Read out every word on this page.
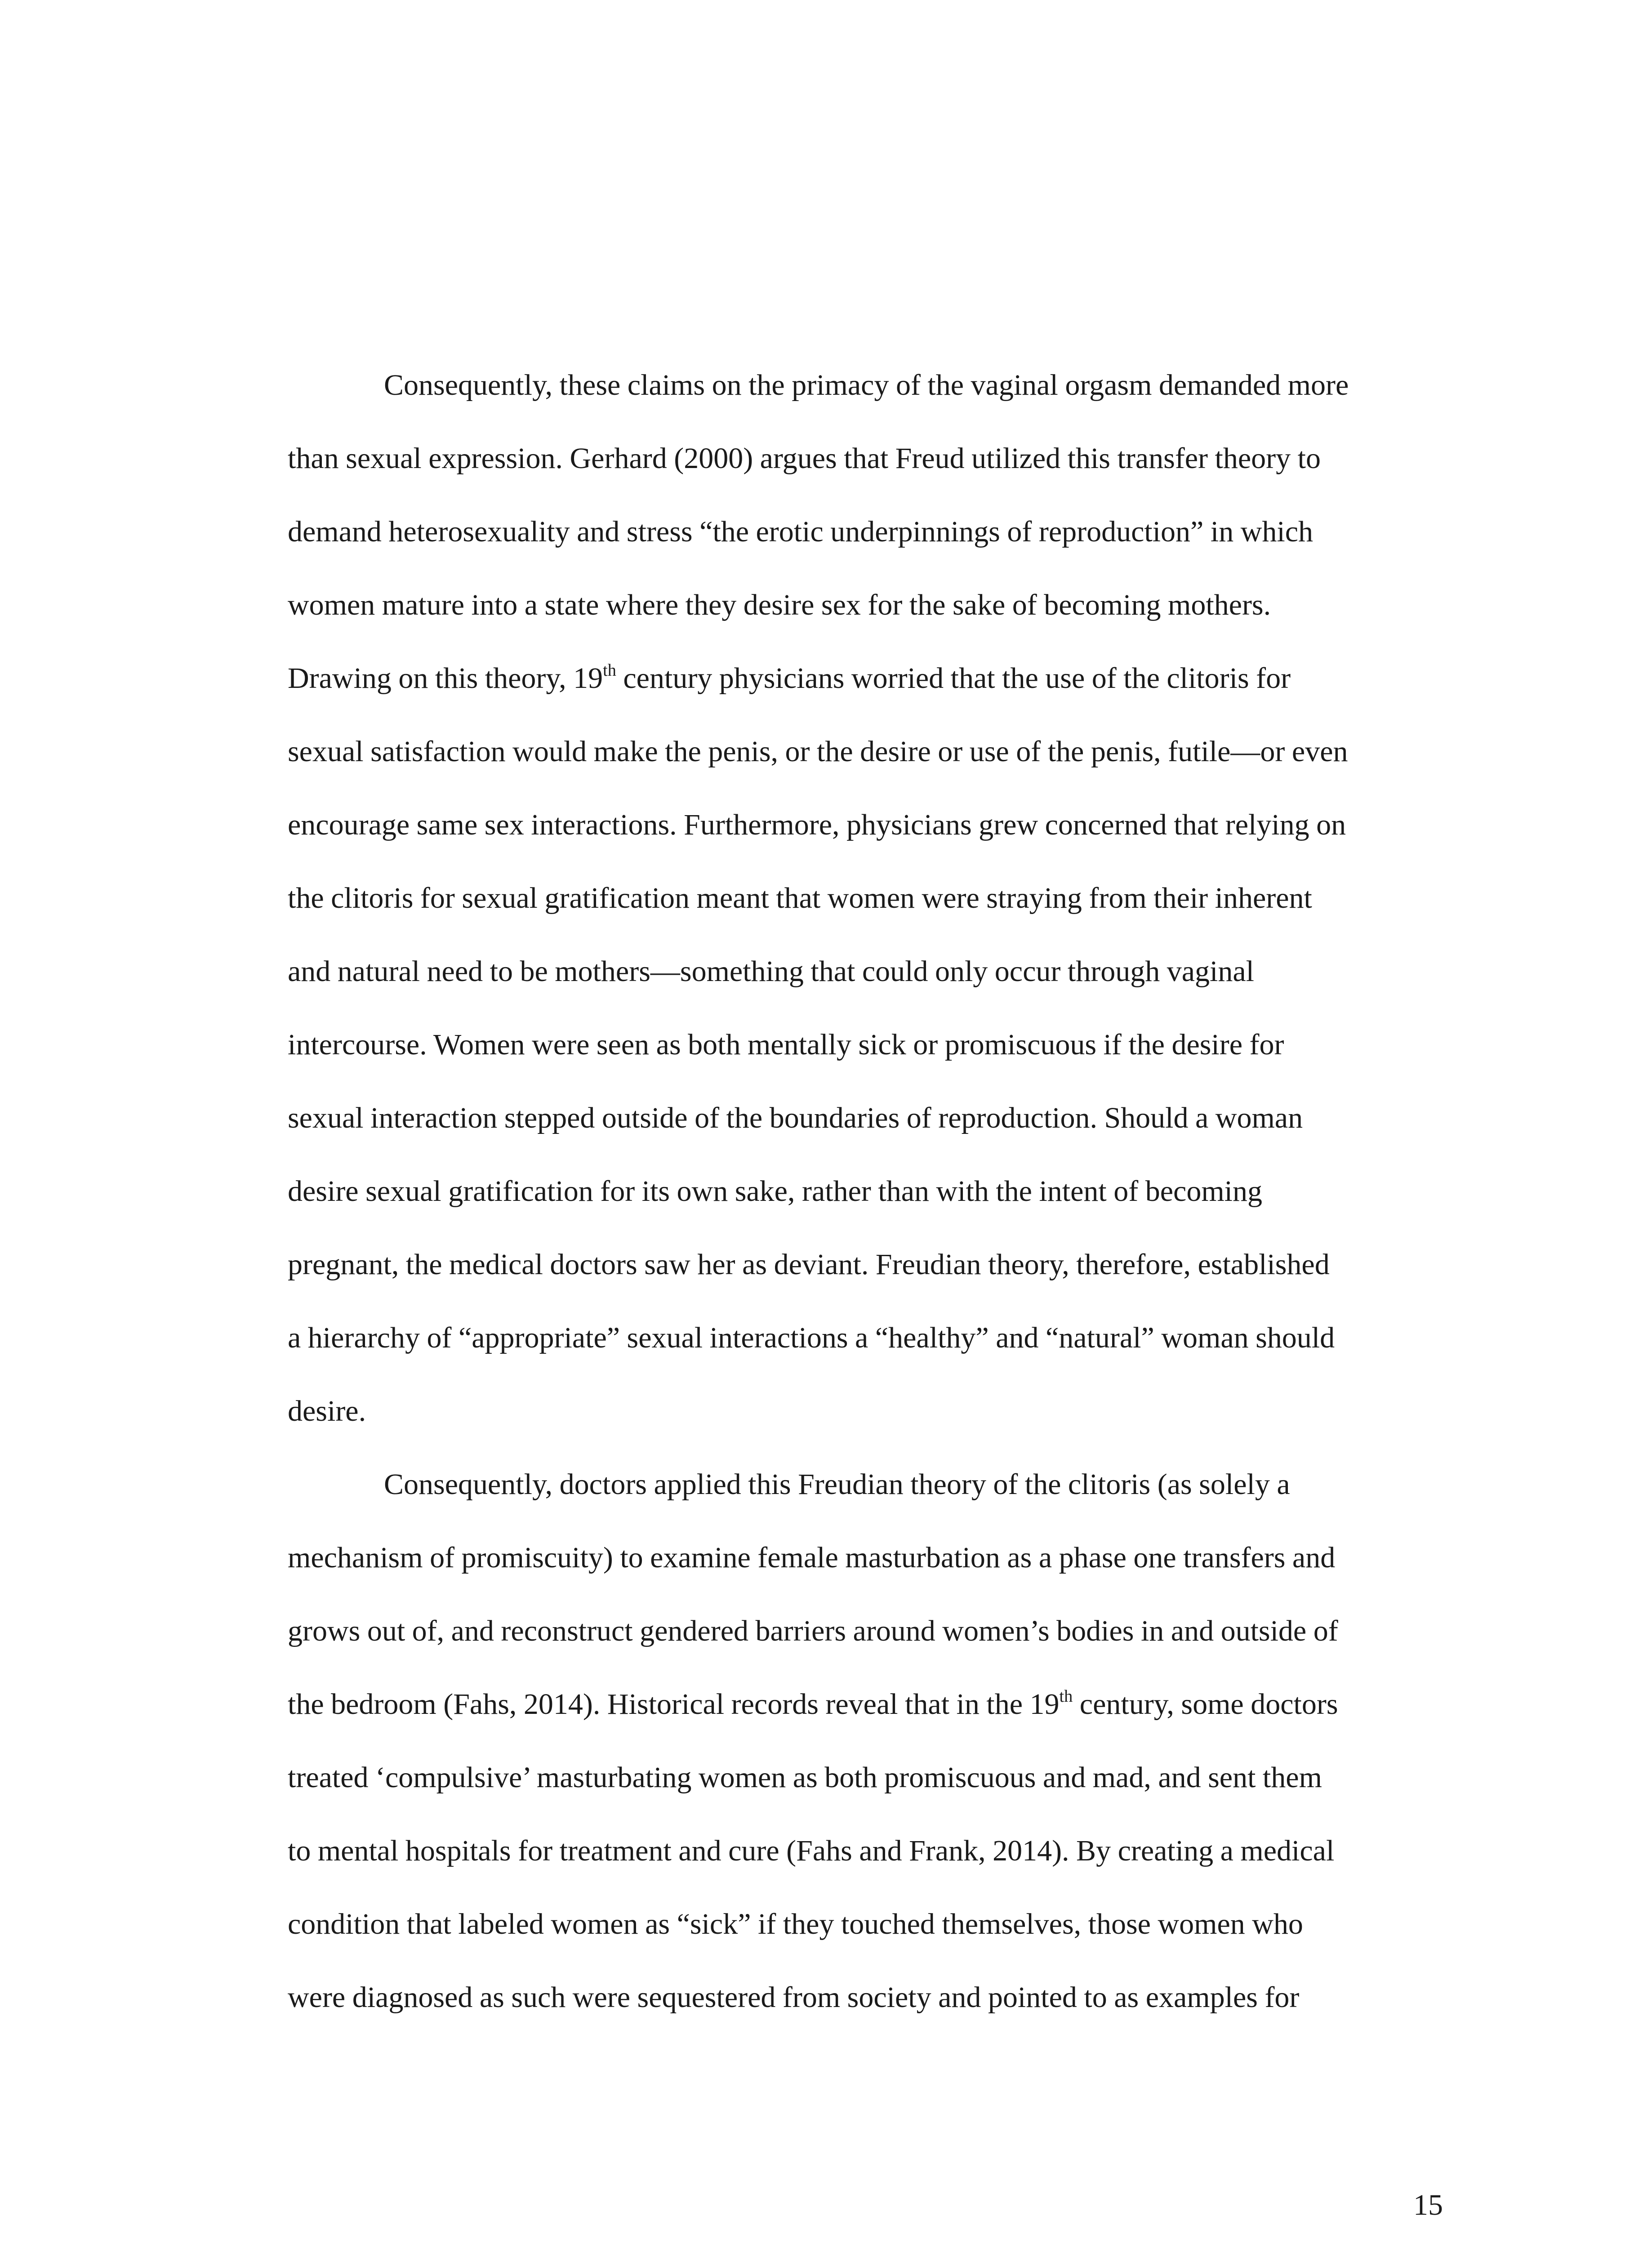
Consequently, these claims on the primacy of the vaginal orgasm demanded more
than sexual expression. Gerhard (2000) argues that Freud utilized this transfer theory to
demand heterosexuality and stress “the erotic underpinnings of reproduction” in which
women mature into a state where they desire sex for the sake of becoming mothers.
Drawing on this theory, 19th century physicians worried that the use of the clitoris for
sexual satisfaction would make the penis, or the desire or use of the penis, futile—or even
encourage same sex interactions. Furthermore, physicians grew concerned that relying on
the clitoris for sexual gratification meant that women were straying from their inherent
and natural need to be mothers—something that could only occur through vaginal
intercourse. Women were seen as both mentally sick or promiscuous if the desire for
sexual interaction stepped outside of the boundaries of reproduction. Should a woman
desire sexual gratification for its own sake, rather than with the intent of becoming
pregnant, the medical doctors saw her as deviant. Freudian theory, therefore, established
a hierarchy of “appropriate” sexual interactions a “healthy” and “natural” woman should
desire.
Consequently, doctors applied this Freudian theory of the clitoris (as solely a
mechanism of promiscuity) to examine female masturbation as a phase one transfers and
grows out of, and reconstruct gendered barriers around women’s bodies in and outside of
the bedroom (Fahs, 2014). Historical records reveal that in the 19th century, some doctors
treated ‘compulsive’ masturbating women as both promiscuous and mad, and sent them
to mental hospitals for treatment and cure (Fahs and Frank, 2014). By creating a medical
condition that labeled women as “sick” if they touched themselves, those women who
were diagnosed as such were sequestered from society and pointed to as examples for
15
